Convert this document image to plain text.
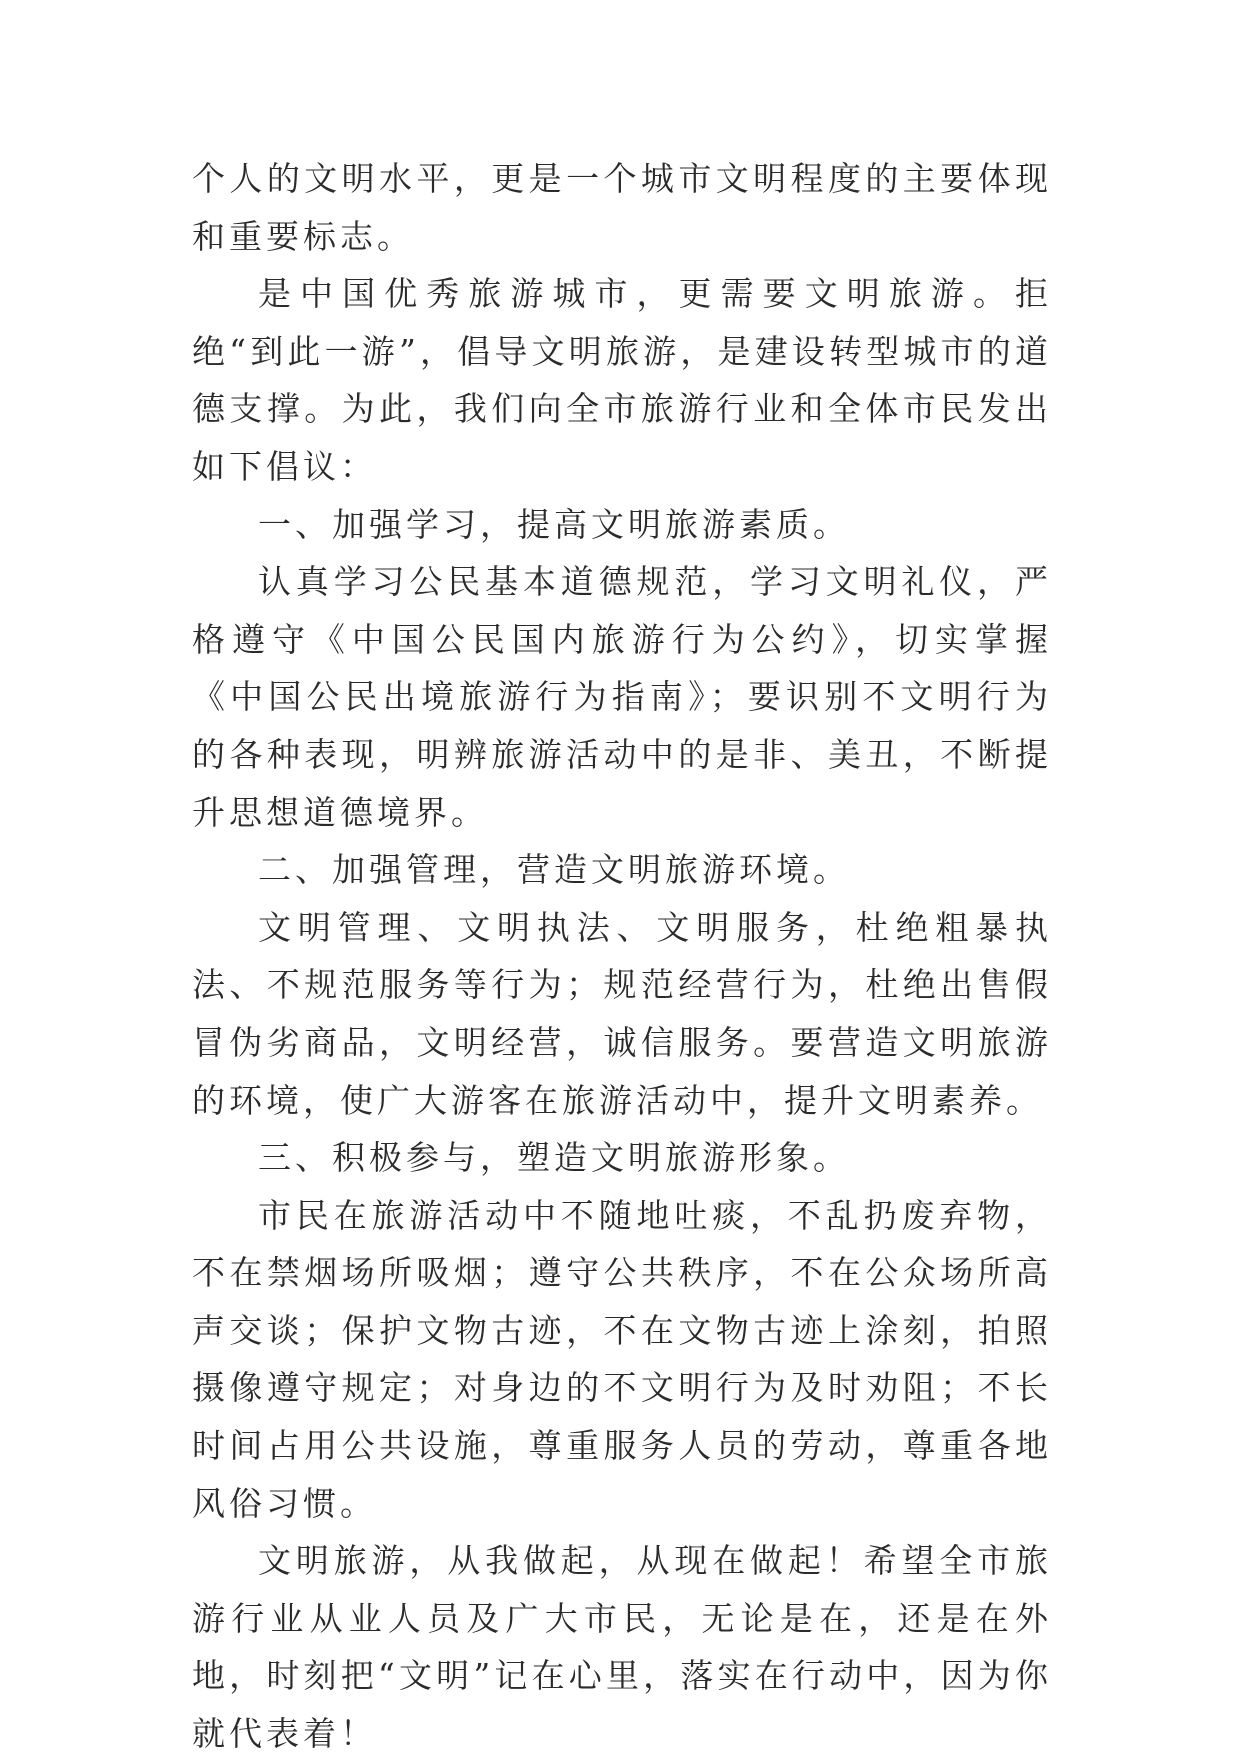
个人的文明水平，更是一个城市文明程度的主要体现和重要标志。

是中国优秀旅游城市，更需要文明旅游。拒绝“到此一游”，倡导文明旅游，是建设转型城市的道德支撑。为此，我们向全市旅游行业和全体市民发出如下倡议：

一、加强学习，提高文明旅游素质。

认真学习公民基本道德规范，学习文明礼仪，严格遵守《中国公民国内旅游行为公约》，切实掌握《中国公民出境旅游行为指南》；要识别不文明行为的各种表现，明辨旅游活动中的是非、美丑，不断提升思想道德境界。

二、加强管理，营造文明旅游环境。

文明管理、文明执法、文明服务，杜绝粗暴执法、不规范服务等行为；规范经营行为，杜绝出售假冒伪劣商品，文明经营，诚信服务。要营造文明旅游的环境，使广大游客在旅游活动中，提升文明素养。

三、积极参与，塑造文明旅游形象。

市民在旅游活动中不随地吐痰，不乱扔废弃物，不在禁烟场所吸烟；遵守公共秩序，不在公众场所高声交谈；保护文物古迹，不在文物古迹上涂刻，拍照摄像遵守规定；对身边的不文明行为及时劝阻；不长时间占用公共设施，尊重服务人员的劳动，尊重各地风俗习惯。

文明旅游，从我做起，从现在做起！希望全市旅游行业从业人员及广大市民，无论是在，还是在外地，时刻把“文明”记在心里，落实在行动中，因为你就代表着！
